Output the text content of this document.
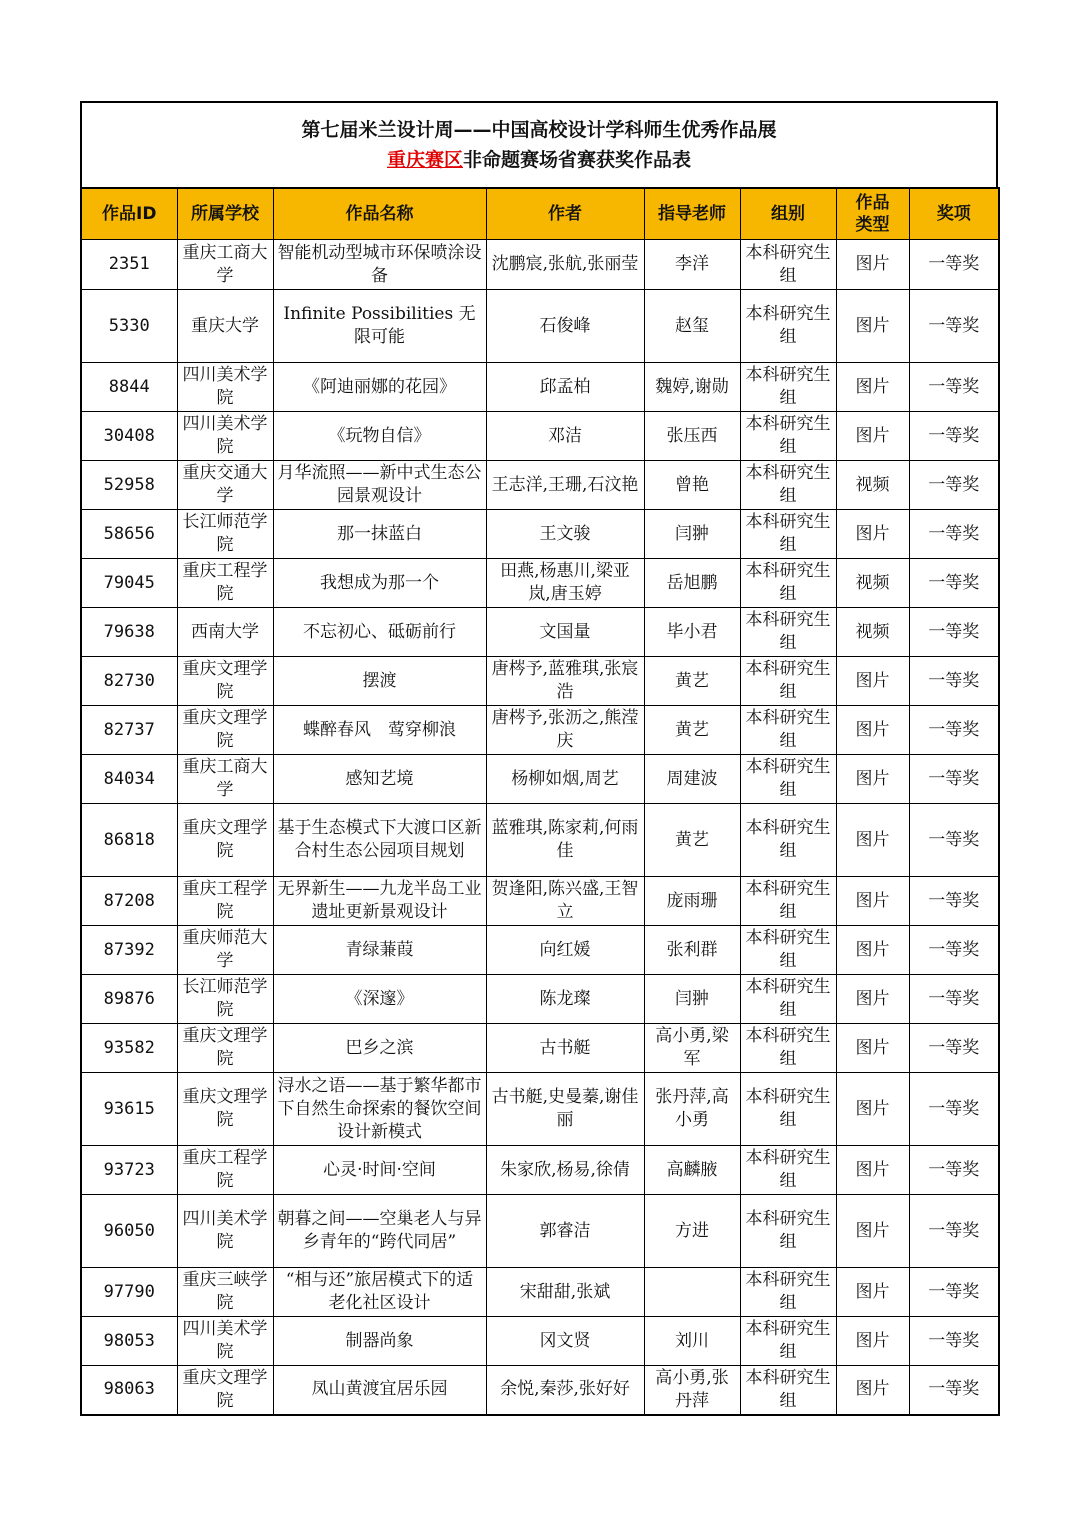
第七届米兰设计周——中国高校设计学科师生优秀作品展
重庆赛区 非命题赛场省赛获奖作品表
作品ID	所属学校	作品名称	作者	指导老师	组别	作品类型	奖项
2351	重庆工商大学	智能机动型城市环保喷涂设备	沈鹏宸,张航,张丽莹	李洋	本科研究生组	图片	一等奖
5330	重庆大学	Infinite Possibilities 无限可能	石俊峰	赵玺	本科研究生组	图片	一等奖
8844	四川美术学院	《阿迪丽娜的花园》	邱孟柏	魏婷,谢勋	本科研究生组	图片	一等奖
30408	四川美术学院	《玩物自信》	邓洁	张压西	本科研究生组	图片	一等奖
52958	重庆交通大学	月华流照——新中式生态公园景观设计	王志洋,王珊,石汶艳	曾艳	本科研究生组	视频	一等奖
58656	长江师范学院	那一抹蓝白	王文骏	闫翀	本科研究生组	图片	一等奖
79045	重庆工程学院	我想成为那一个	田燕,杨惠川,梁亚岚,唐玉婷	岳旭鹏	本科研究生组	视频	一等奖
79638	西南大学	不忘初心、砥砺前行	文国量	毕小君	本科研究生组	视频	一等奖
82730	重庆文理学院	摆渡	唐梣予,蓝雅琪,张宸浩	黄艺	本科研究生组	图片	一等奖
82737	重庆文理学院	蝶醉春风　莺穿柳浪	唐梣予,张沥之,熊滢庆	黄艺	本科研究生组	图片	一等奖
84034	重庆工商大学	感知艺境	杨柳如烟,周艺	周建波	本科研究生组	图片	一等奖
86818	重庆文理学院	基于生态模式下大渡口区新合村生态公园项目规划	蓝雅琪,陈家莉,何雨佳	黄艺	本科研究生组	图片	一等奖
87208	重庆工程学院	无界新生——九龙半岛工业遗址更新景观设计	贺逢阳,陈兴盛,王智立	庞雨珊	本科研究生组	图片	一等奖
87392	重庆师范大学	青绿蒹葭	向红媛	张利群	本科研究生组	图片	一等奖
89876	长江师范学院	《深邃》	陈龙璨	闫翀	本科研究生组	图片	一等奖
93582	重庆文理学院	巴乡之滨	古书艇	高小勇,梁军	本科研究生组	图片	一等奖
93615	重庆文理学院	浔水之语——基于繁华都市下自然生命探索的餐饮空间设计新模式	古书艇,史曼蓁,谢佳丽	张丹萍,高小勇	本科研究生组	图片	一等奖
93723	重庆工程学院	心灵·时间·空间	朱家欣,杨易,徐倩	高麟腋	本科研究生组	图片	一等奖
96050	四川美术学院	朝暮之间——空巢老人与异乡青年的“跨代同居”	郭睿洁	方进	本科研究生组	图片	一等奖
97790	重庆三峡学院	“相与还”旅居模式下的适老化社区设计	宋甜甜,张斌		本科研究生组	图片	一等奖
98053	四川美术学院	制器尚象	冈文贤	刘川	本科研究生组	图片	一等奖
98063	重庆文理学院	凤山黄渡宜居乐园	余悦,秦莎,张好好	高小勇,张丹萍	本科研究生组	图片	一等奖
